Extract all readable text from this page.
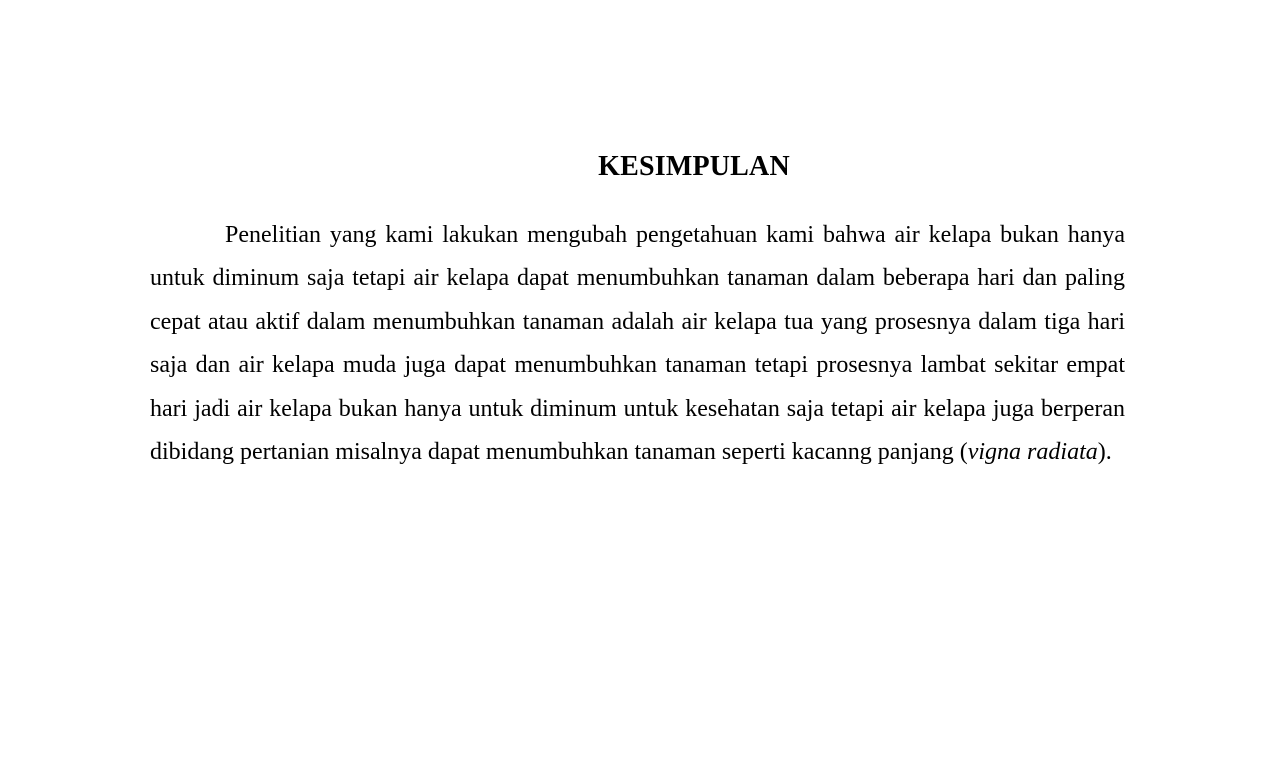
KESIMPULAN

Penelitian yang kami lakukan mengubah pengetahuan kami bahwa air kelapa bukan hanya untuk diminum saja tetapi air kelapa dapat menumbuhkan tanaman dalam beberapa hari dan paling cepat atau aktif dalam menumbuhkan tanaman adalah air kelapa tua yang prosesnya dalam tiga hari saja dan air kelapa muda juga dapat menumbuhkan tanaman tetapi prosesnya lambat sekitar empat hari jadi air kelapa bukan hanya untuk diminum untuk kesehatan saja tetapi air kelapa juga berperan dibidang pertanian misalnya dapat menumbuhkan tanaman seperti kacanng panjang (vigna radiata).
